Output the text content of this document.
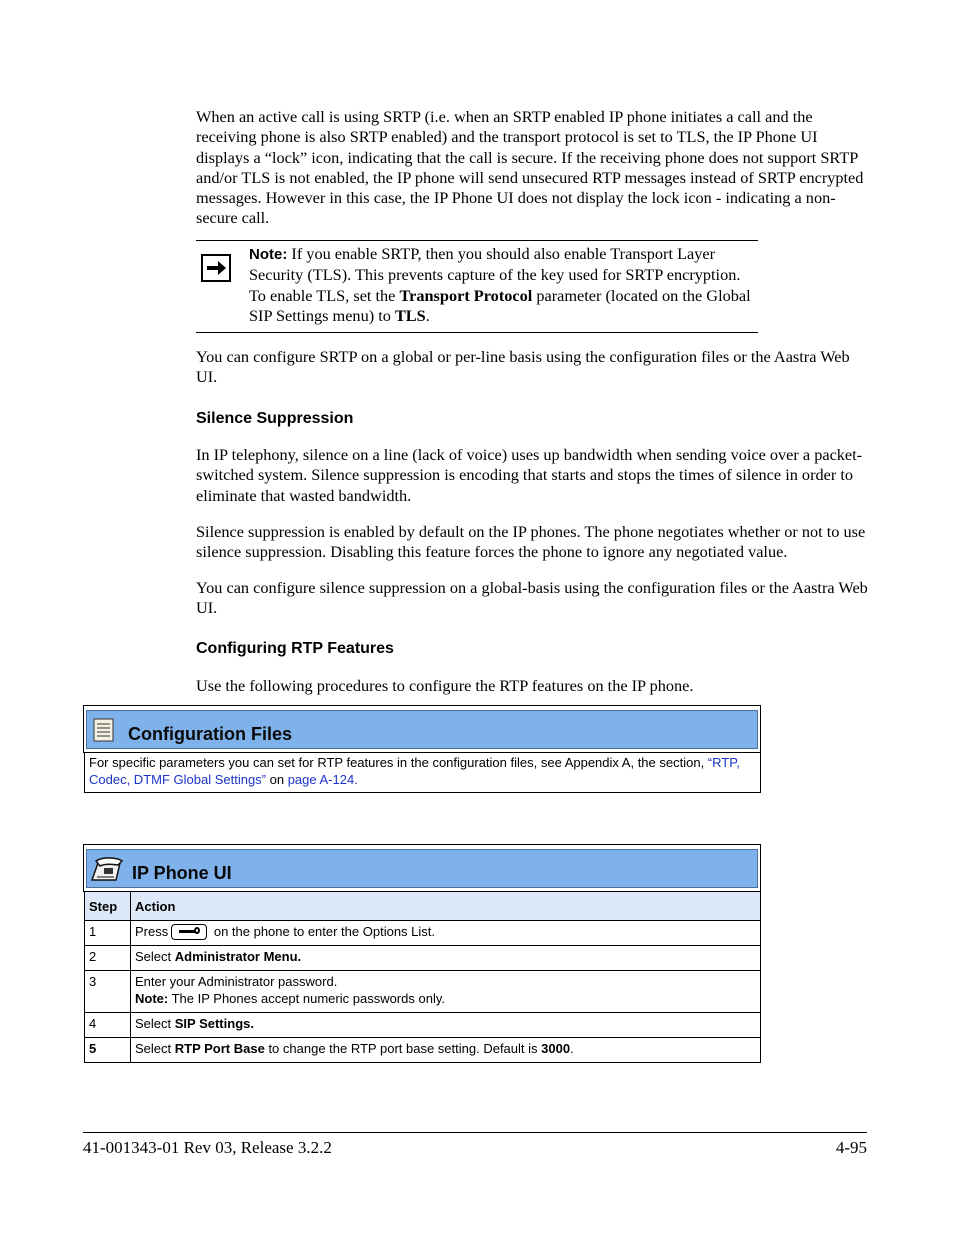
When an active call is using SRTP (i.e. when an SRTP enabled IP phone initiates a call and the receiving phone is also SRTP enabled) and the transport protocol is set to TLS, the IP Phone UI displays a “lock” icon, indicating that the call is secure. If the receiving phone does not support SRTP and/or TLS is not enabled, the IP phone will send unsecured RTP messages instead of SRTP encrypted messages. However in this case, the IP Phone UI does not display the lock icon - indicating a non-secure call.

Note: If you enable SRTP, then you should also enable Transport Layer Security (TLS). This prevents capture of the key used for SRTP encryption. To enable TLS, set the Transport Protocol parameter (located on the Global SIP Settings menu) to TLS.

You can configure SRTP on a global or per-line basis using the configuration files or the Aastra Web UI.

Silence Suppression

In IP telephony, silence on a line (lack of voice) uses up bandwidth when sending voice over a packet-switched system. Silence suppression is encoding that starts and stops the times of silence in order to eliminate that wasted bandwidth.

Silence suppression is enabled by default on the IP phones. The phone negotiates whether or not to use silence suppression. Disabling this feature forces the phone to ignore any negotiated value.

You can configure silence suppression on a global-basis using the configuration files or the Aastra Web UI.

Configuring RTP Features

Use the following procedures to configure the RTP features on the IP phone.

Configuration Files
For specific parameters you can set for RTP features in the configuration files, see Appendix A, the section, “RTP, Codec, DTMF Global Settings” on page A-124.
IP Phone UI
Step	Action
1	Press on the phone to enter the Options List.
2	Select Administrator Menu.
3	Enter your Administrator password.
Note: The IP Phones accept numeric passwords only.
4	Select SIP Settings.
5	Select RTP Port Base to change the RTP port base setting. Default is 3000.
41-001343-01 Rev 03, Release 3.2.2	4-95
